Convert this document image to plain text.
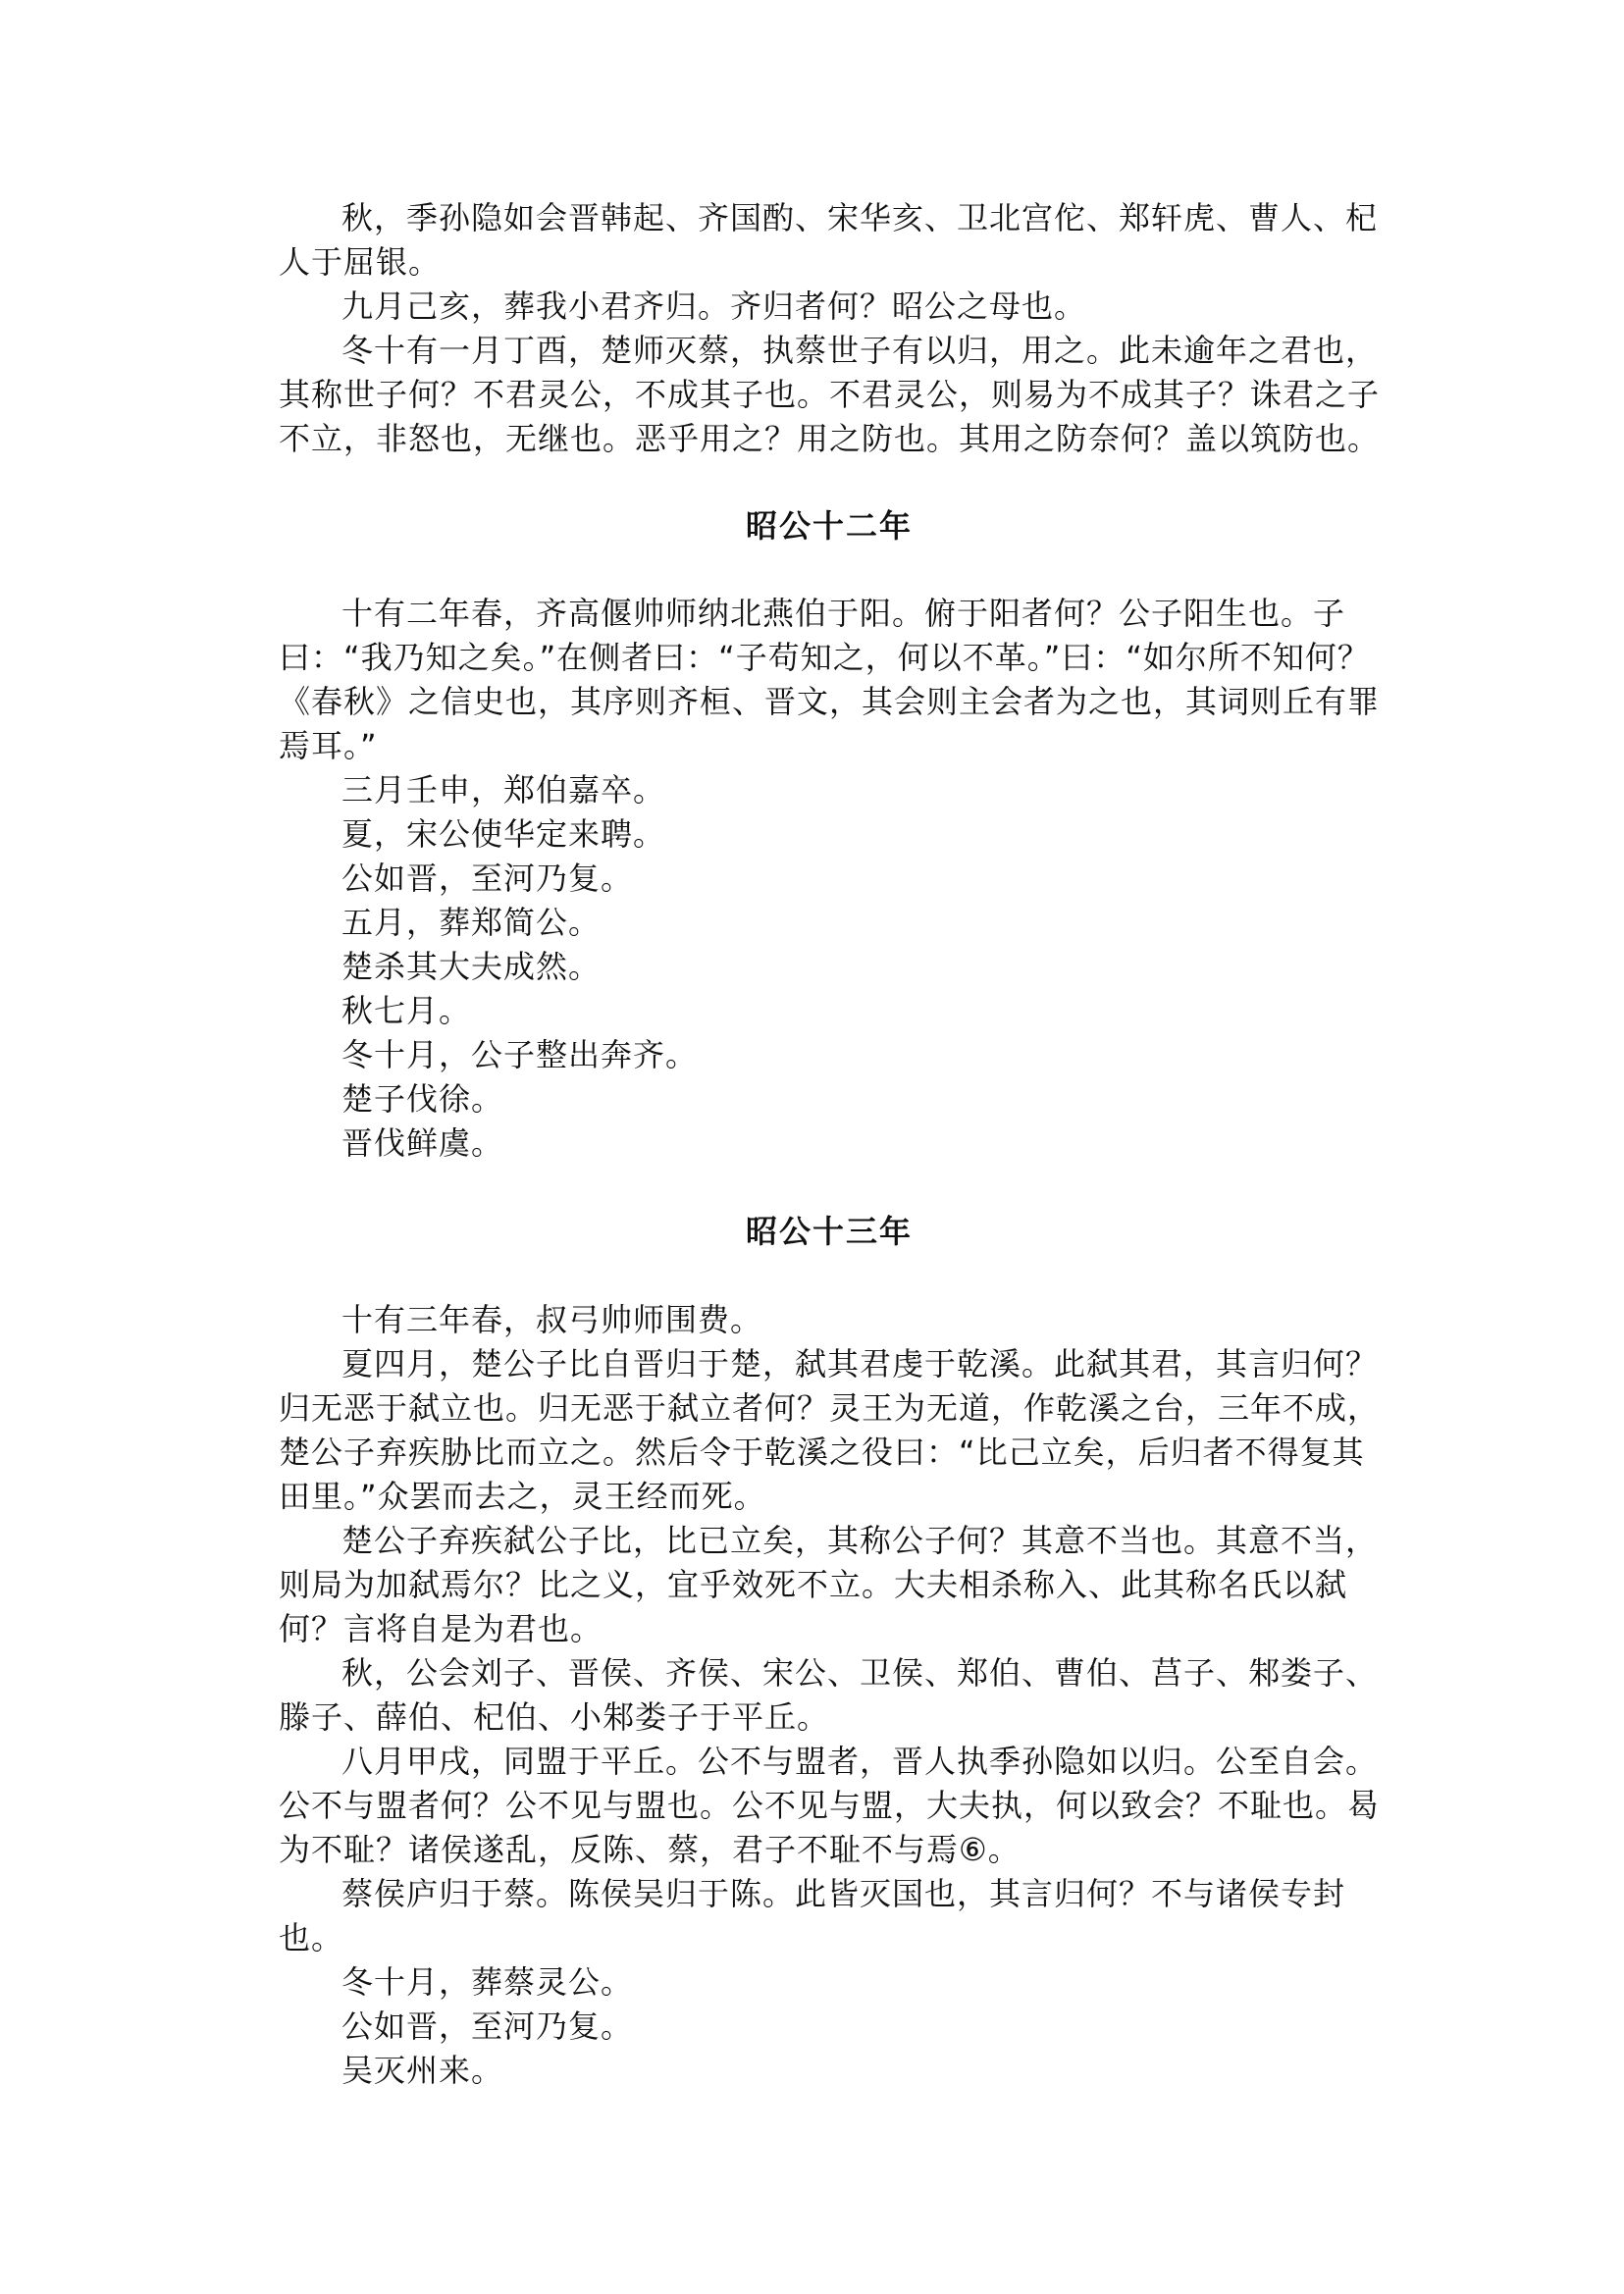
秋，季孙隐如会晋韩起、齐国酌、宋华亥、卫北宫佗、郑轩虎、曹人、杞人于屈银。

九月己亥，葬我小君齐归。齐归者何？昭公之母也。

冬十有一月丁酉，楚师灭蔡，执蔡世子有以归，用之。此未逾年之君也，其称世子何？不君灵公，不成其子也。不君灵公，则易为不成其子？诛君之子不立，非怒也，无继也。恶乎用之？用之防也。其用之防奈何？盖以筑防也。

昭公十二年

十有二年春，齐高偃帅师纳北燕伯于阳。俯于阳者何？公子阳生也。子曰：“我乃知之矣。”在侧者曰：“子苟知之，何以不革。”曰：“如尔所不知何？《春秋》之信史也，其序则齐桓、晋文，其会则主会者为之也，其词则丘有罪焉耳。”

三月壬申，郑伯嘉卒。

夏，宋公使华定来聘。

公如晋，至河乃复。

五月，葬郑简公。

楚杀其大夫成然。

秋七月。

冬十月，公子整出奔齐。

楚子伐徐。

晋伐鲜虞。

昭公十三年

十有三年春，叔弓帅师围费。

夏四月，楚公子比自晋归于楚，弑其君虔于乾溪。此弑其君，其言归何？归无恶于弑立也。归无恶于弑立者何？灵王为无道，作乾溪之台，三年不成，楚公子弃疾胁比而立之。然后令于乾溪之役曰：“比己立矣，后归者不得复其田里。”众罢而去之，灵王经而死。

楚公子弃疾弑公子比，比已立矣，其称公子何？其意不当也。其意不当，则局为加弑焉尔？比之义，宜乎效死不立。大夫相杀称入、此其称名氏以弑何？言将自是为君也。

秋，公会刘子、晋侯、齐侯、宋公、卫侯、郑伯、曹伯、莒子、邾娄子、滕子、薛伯、杞伯、小邾娄子于平丘。

八月甲戌，同盟于平丘。公不与盟者，晋人执季孙隐如以归。公至自会。公不与盟者何？公不见与盟也。公不见与盟，大夫执，何以致会？不耻也。曷为不耻？诸侯遂乱，反陈、蔡，君子不耻不与焉⑥。

蔡侯庐归于蔡。陈侯吴归于陈。此皆灭国也，其言归何？不与诸侯专封也。

冬十月，葬蔡灵公。

公如晋，至河乃复。

吴灭州来。
